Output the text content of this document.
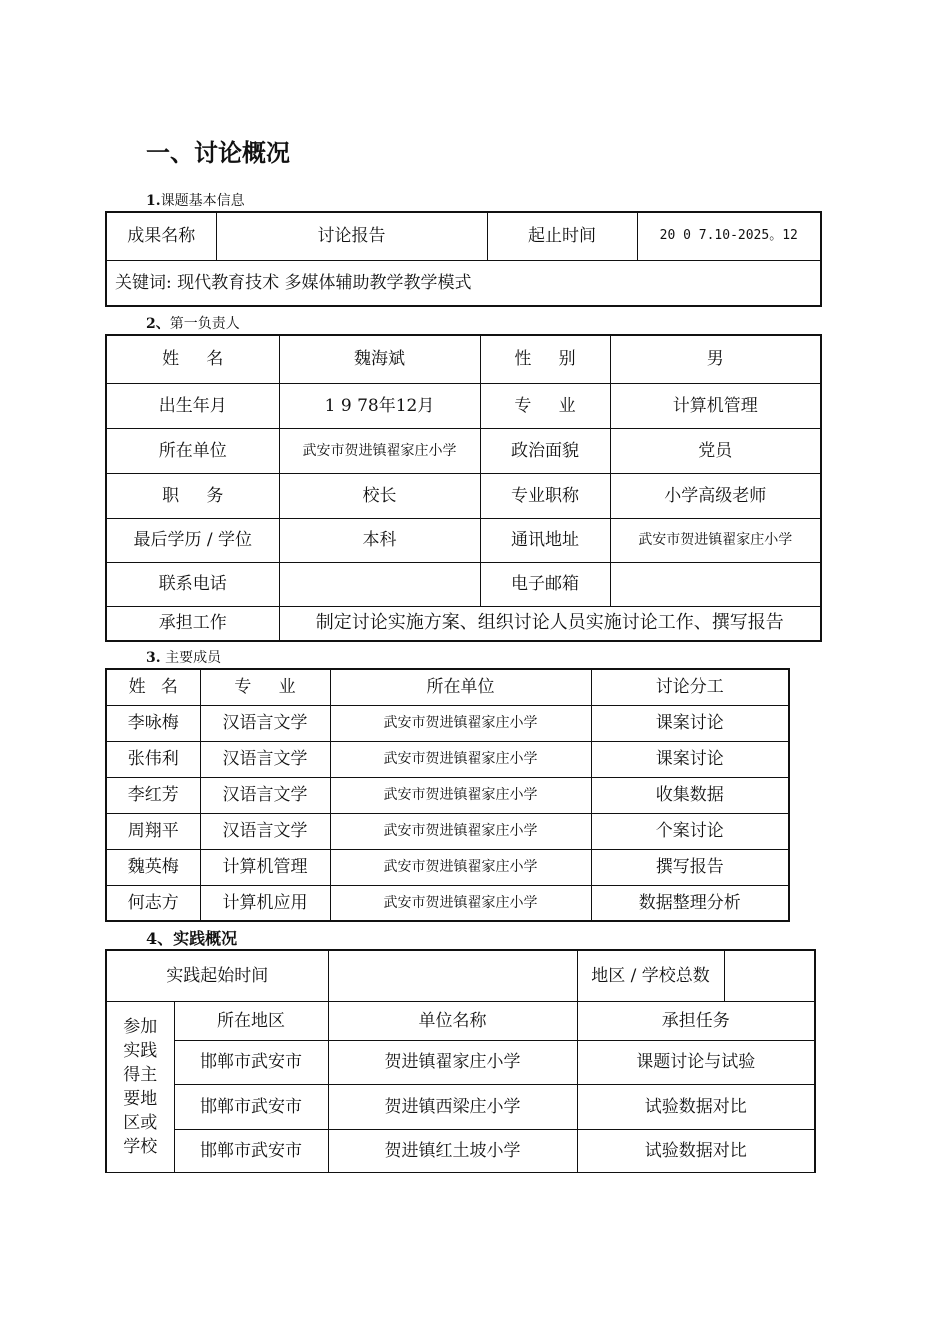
一、讨论概况
1.课题基本信息
成果名称	讨论报告	起止时间	20 0 7.10-2025。12
关键词: 现代教育技术 多媒体辅助教学教学模式
2、第一负责人
姓名	魏海斌	性别	男
出生年月	1 9 78年12月	专业	计算机管理
所在单位	武安市贺进镇翟家庄小学	政治面貌	党员
职务	校长	专业职称	小学高级老师
最后学历 / 学位	本科	通讯地址	武安市贺进镇翟家庄小学
联系电话		电子邮箱	
承担工作	制定讨论实施方案、组织讨论人员实施讨论工作、撰写报告		
3. 主要成员
姓名	专业	所在单位	讨论分工
李咏梅	汉语言文学	武安市贺进镇翟家庄小学	课案讨论
张伟利	汉语言文学	武安市贺进镇翟家庄小学	课案讨论
李红芳	汉语言文学	武安市贺进镇翟家庄小学	收集数据
周翔平	汉语言文学	武安市贺进镇翟家庄小学	个案讨论
魏英梅	计算机管理	武安市贺进镇翟家庄小学	撰写报告
何志方	计算机应用	武安市贺进镇翟家庄小学	数据整理分析
4、实践概况
实践起始时间			地区 / 学校总数	
参加实践得主要地区或学校	所在地区	单位名称	承担任务	
	邯郸市武安市	贺进镇翟家庄小学	课题讨论与试验	
	邯郸市武安市	贺进镇西梁庄小学	试验数据对比	
	邯郸市武安市	贺进镇红土坡小学	试验数据对比	
